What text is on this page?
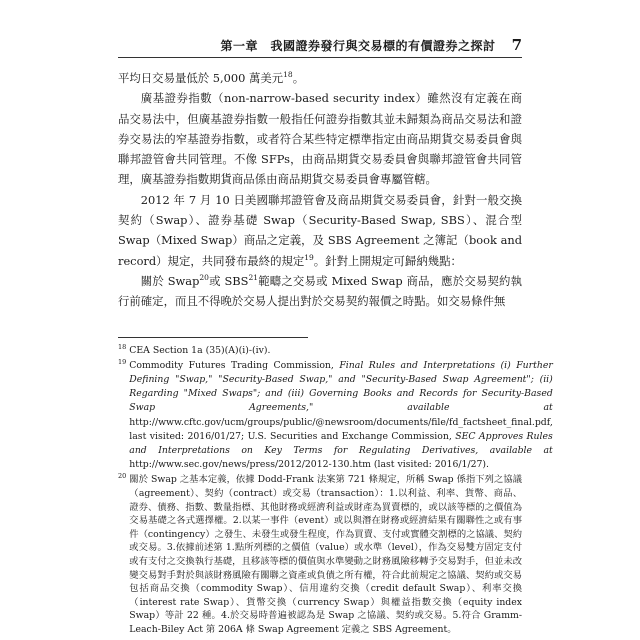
第一章　我國證券發行與交易標的有價證券之探討 7

平均日交易量低於 5,000 萬美元$^{18}$。

廣基證券指數（non-narrow-based security index）雖然沒有定義在商品交易法中，但廣基證券指數一般指任何證券指數其並未歸類為商品交易法和證券交易法的窄基證券指數，或者符合某些特定標準指定由商品期貨交易委員會與聯邦證管會共同管理。不像 SFPs，由商品期貨交易委員會與聯邦證管會共同管理，廣基證券指數期貨商品係由商品期貨交易委員會專屬管轄。

2012 年 7 月 10 日美國聯邦證管會及商品期貨交易委員會，針對一般交換契約（Swap）、證券基礎 Swap（Security-Based Swap, SBS）、混合型 Swap（Mixed Swap）商品之定義，及 SBS Agreement 之簿記（book and record）規定，共同發布最終的規定$^{19}$。針對上開規定可歸納幾點：

關於 Swap$^{20}$或 SBS$^{21}$範疇之交易或 Mixed Swap 商品，應於交易契約執行前確定，而且不得晚於交易人提出對於交易契約報價之時點。如交易條件無

$^{18}$ CEA Section 1a (35)(A)(i)-(iv).

$^{19}$ Commodity Futures Trading Commission, Final Rules and Interpretations (i) Further Defining "Swap," "Security-Based Swap," and "Security-Based Swap Agreement"; (ii) Regarding "Mixed Swaps"; and (iii) Governing Books and Records for Security-Based Swap Agreements," available at http://www.cftc.gov/ucm/groups/public/@newsroom/documents/file/fd_factsheet_final.pdf, last visited: 2016/01/27; U.S. Securities and Exchange Commission, SEC Approves Rules and Interpretations on Key Terms for Regulating Derivatives, available at http://www.sec.gov/news/press/2012/2012-130.htm (last visited: 2016/1/27).

$^{20}$ 關於 Swap 之基本定義，依據 Dodd-Frank 法案第 721 條規定，所稱 Swap 係指下列之協議（agreement）、契約（contract）或交易（transaction）：1.以利益、利率、貨幣、商品、證券、債務、指數、數量指標、其他財務或經濟利益或財產為買賣標的，或以該等標的之價值為交易基礎之各式選擇權。2.以某一事件（event）或以與潛在財務或經濟結果有關聯性之或有事件（contingency）之發生、未發生或發生程度，作為買賣、支付或實體交割標的之協議、契約或交易。3.依據前述第 1.點所列標的之價值（value）或水準（level），作為交易雙方固定支付或有支付之交換執行基礎，且移該等標的價值與水準變動之財務風險移轉予交易對手，但並未改變交易對手對於與該財務風險有關聯之資產或負債之所有權，符合此前規定之協議、契約或交易包括商品交換（commodity Swap）、信用違約交換（credit default Swap）、利率交換（interest rate Swap）、貨幣交換（currency Swap）與權益指數交換（equity index Swap）等計 22 種。4.於交易時普遍被認為是 Swap 之協議、契約或交易。5.符合 Gramm-Leach-Biley Act 第 206A 條 Swap Agreement 定義之 SBS Agreement。
